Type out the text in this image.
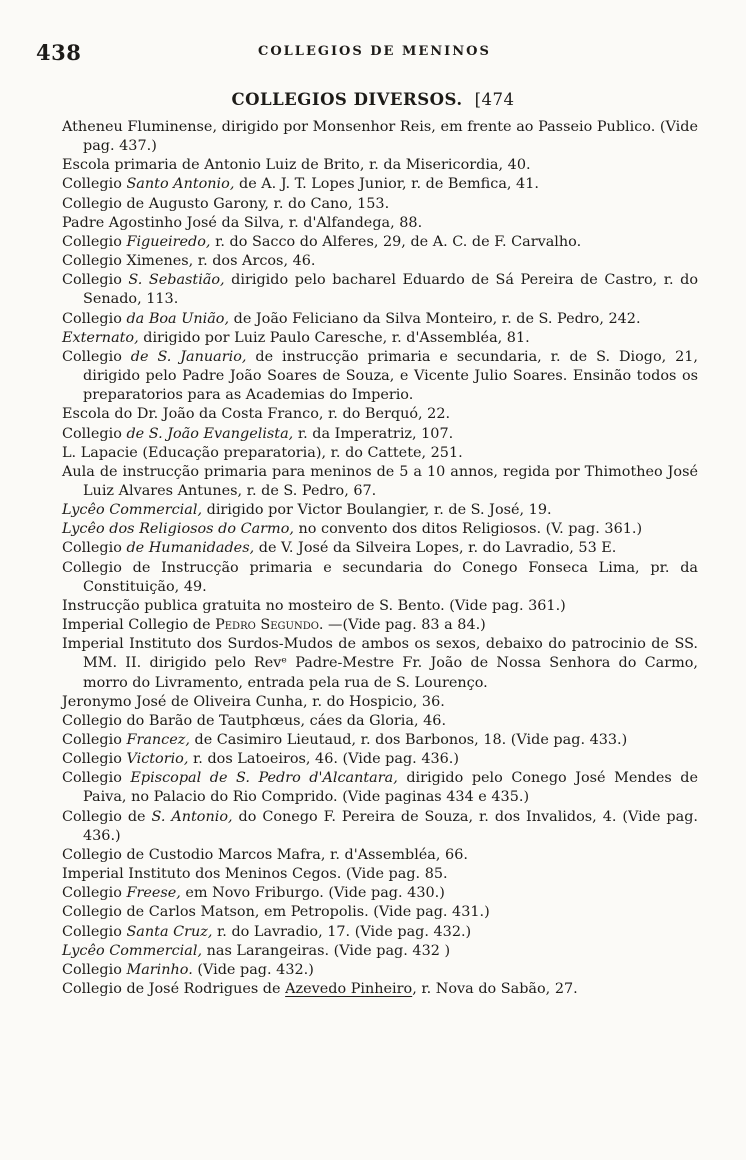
438	COLLEGIOS DE MENINOS
COLLEGIOS DIVERSOS. [474

Atheneu Fluminense, dirigido por Monsenhor Reis, em frente ao Passeio Publico. (Vide pag. 437.)

Escola primaria de Antonio Luiz de Brito, r. da Misericordia, 40.

Collegio Santo Antonio, de A. J. T. Lopes Junior, r. de Bemfica, 41.

Collegio de Augusto Garony, r. do Cano, 153.

Padre Agostinho José da Silva, r. d'Alfandega, 88.

Collegio Figueiredo, r. do Sacco do Alferes, 29, de A. C. de F. Carvalho.

Collegio Ximenes, r. dos Arcos, 46.

Collegio S. Sebastião, dirigido pelo bacharel Eduardo de Sá Pereira de Castro, r. do Senado, 113.

Collegio da Boa União, de João Feliciano da Silva Monteiro, r. de S. Pedro, 242.

Externato, dirigido por Luiz Paulo Caresche, r. d'Assembléa, 81.

Collegio de S. Januario, de instrucção primaria e secundaria, r. de S. Diogo, 21, dirigido pelo Padre João Soares de Souza, e Vicente Julio Soares. Ensinão todos os preparatorios para as Academias do Imperio.

Escola do Dr. João da Costa Franco, r. do Berquó, 22.

Collegio de S. João Evangelista, r. da Imperatriz, 107.

L. Lapacie (Educação preparatoria), r. do Cattete, 251.

Aula de instrucção primaria para meninos de 5 a 10 annos, regida por Thimotheo José Luiz Alvares Antunes, r. de S. Pedro, 67.

Lycêo Commercial, dirigido por Victor Boulangier, r. de S. José, 19.

Lycêo dos Religiosos do Carmo, no convento dos ditos Religiosos. (V. pag. 361.)

Collegio de Humanidades, de V. José da Silveira Lopes, r. do Lavradio, 53 E.

Collegio de Instrucção primaria e secundaria do Conego Fonseca Lima, pr. da Constituição, 49.

Instrucção publica gratuita no mosteiro de S. Bento. (Vide pag. 361.)

Imperial Collegio de Pedro Segundo. —(Vide pag. 83 a 84.)

Imperial Instituto dos Surdos-Mudos de ambos os sexos, debaixo do patrocinio de SS. MM. II. dirigido pelo Revᵉ Padre-Mestre Fr. João de Nossa Senhora do Carmo, morro do Livramento, entrada pela rua de S. Lourenço.

Jeronymo José de Oliveira Cunha, r. do Hospicio, 36.

Collegio do Barão de Tautphœus, cáes da Gloria, 46.

Collegio Francez, de Casimiro Lieutaud, r. dos Barbonos, 18. (Vide pag. 433.)

Collegio Victorio, r. dos Latoeiros, 46. (Vide pag. 436.)

Collegio Episcopal de S. Pedro d'Alcantara, dirigido pelo Conego José Mendes de Paiva, no Palacio do Rio Comprido. (Vide paginas 434 e 435.)

Collegio de S. Antonio, do Conego F. Pereira de Souza, r. dos Invalidos, 4. (Vide pag. 436.)

Collegio de Custodio Marcos Mafra, r. d'Assembléa, 66.

Imperial Instituto dos Meninos Cegos. (Vide pag. 85.

Collegio Freese, em Novo Friburgo. (Vide pag. 430.)

Collegio de Carlos Matson, em Petropolis. (Vide pag. 431.)

Collegio Santa Cruz, r. do Lavradio, 17. (Vide pag. 432.)

Lycêo Commercial, nas Larangeiras. (Vide pag. 432 )

Collegio Marinho. (Vide pag. 432.)

Collegio de José Rodrigues de Azevedo Pinheiro, r. Nova do Sabão, 27.
